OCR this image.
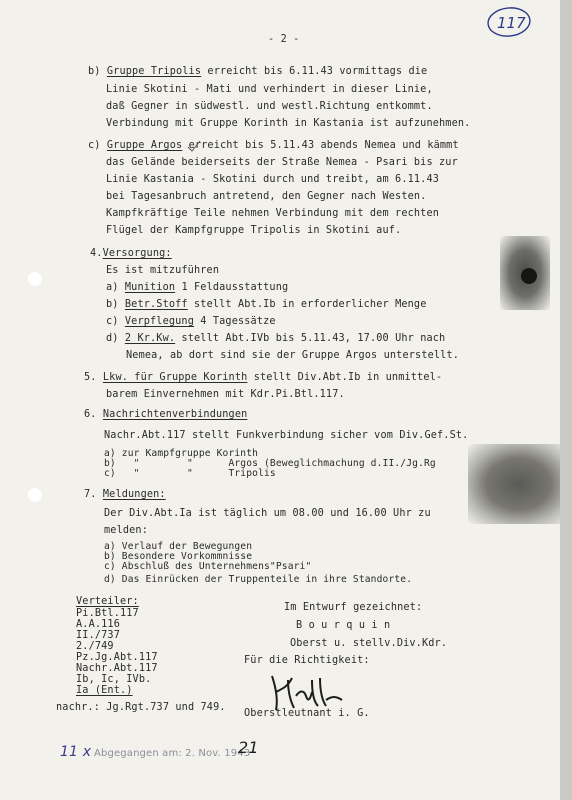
117
- 2 -
b) Gruppe Tripolis erreicht bis 6.11.43 vormittags die
Linie Skotini - Mati und verhindert in dieser Linie,
daß Gegner in südwestl. und westl.Richtung entkommt.
Verbindung mit Gruppe Korinth in Kastania ist aufzunehmen.
c) Gruppe Argos erreicht bis 5.11.43 abends Nemea und kämmt
das Gelände beiderseits der Straße Nemea - Psari bis zur
Linie Kastania - Skotini durch und treibt, am 6.11.43
bei Tagesanbruch antretend, den Gegner nach Westen.
Kampfkräftige Teile nehmen Verbindung mit dem rechten
Flügel der Kampfgruppe Tripolis in Skotini auf.
4.Versorgung:
Es ist mitzuführen
a) Munition 1 Feldausstattung
b) Betr.Stoff stellt Abt.Ib in erforderlicher Menge
c) Verpflegung 4 Tagessätze
d) 2 Kr.Kw. stellt Abt.IVb bis 5.11.43, 17.00 Uhr nach
Nemea, ab dort sind sie der Gruppe Argos unterstellt.
5. Lkw. für Gruppe Korinth stellt Div.Abt.Ib in unmittel-
barem Einvernehmen mit Kdr.Pi.Btl.117.
6. Nachrichtenverbindungen
Nachr.Abt.117 stellt Funkverbindung sicher vom Div.Gef.St.
a) zur Kampfgruppe Korinth
b)   "        "      Argos (Beweglichmachung d.II./Jg.Rg
c)   "        "      Tripolis
7. Meldungen:
Der Div.Abt.Ia ist täglich um 08.00 und 16.00 Uhr zu
melden:
a) Verlauf der Bewegungen
b) Besondere Vorkommnisse
c) Abschluß des Unternehmens"Psari"
d) Das Einrücken der Truppenteile in ihre Standorte.
Verteiler:
Pi.Btl.117
A.A.116
II./737
2./749
Pz.Jg.Abt.117
Nachr.Abt.117
Ib, Ic, IVb.
Ia (Ent.)
nachr.: Jg.Rgt.737 und 749.
Im Entwurf gezeichnet:
B o u r q u i n
Oberst u. stellv.Div.Kdr.
Für die Richtigkeit:
Oberstleutnant i. G.
11 x Abgegangen am: 2. Nov. 1943
21
